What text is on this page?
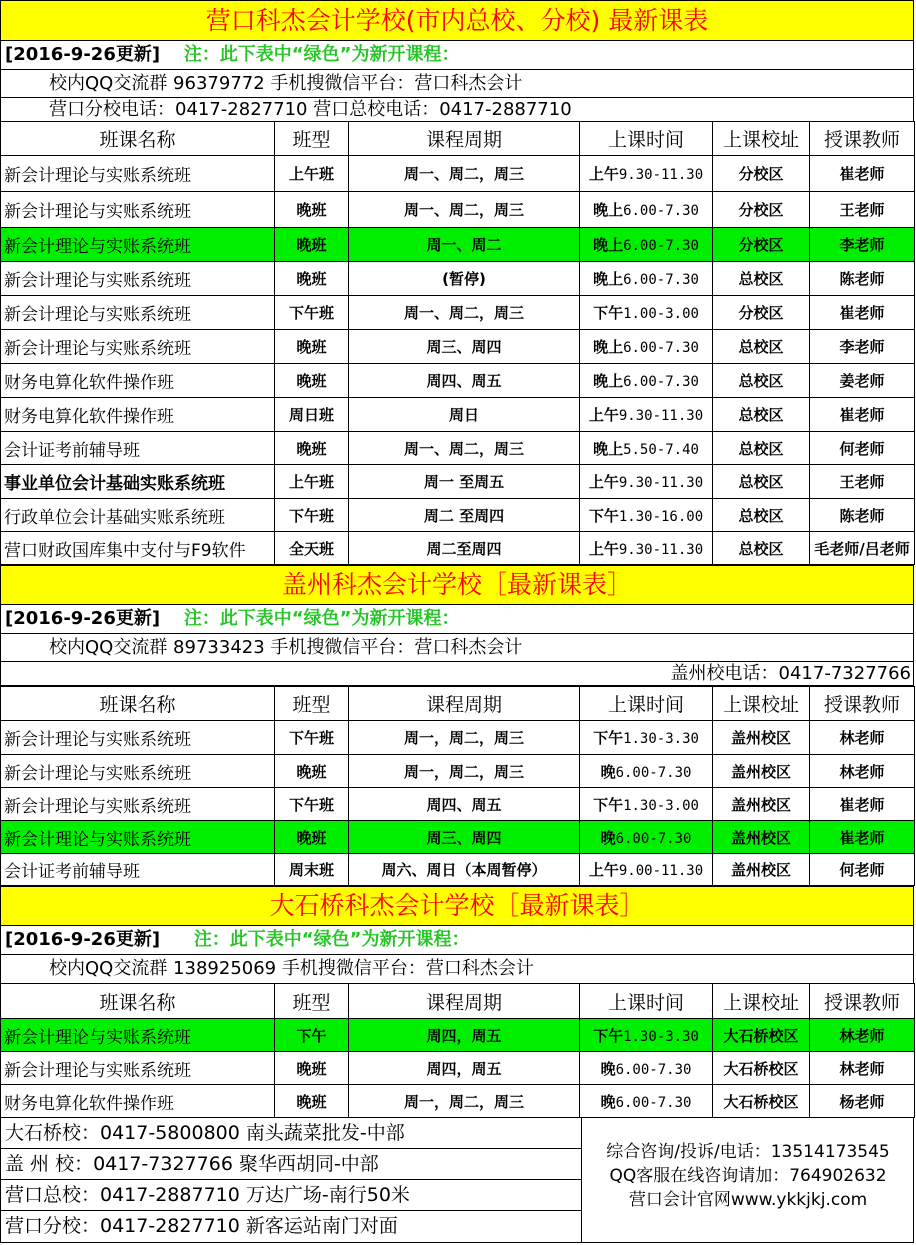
营口科杰会计学校(市内总校、分校) 最新课表
[2016-9-26更新] 注：此下表中“绿色”为新开课程：
校内QQ交流群 96379772 手机搜微信平台：营口科杰会计
营口分校电话：0417-2827710 营口总校电话：0417-2887710
班课名称	班型	课程周期	上课时间	上课校址	授课教师
新会计理论与实账系统班	上午班	周一、周二，周三	上午9.30-11.30	分校区	崔老师
新会计理论与实账系统班	晚班	周一、周二，周三	晚上6.00-7.30	分校区	王老师
新会计理论与实账系统班	晚班	周一、周二	晚上6.00-7.30	分校区	李老师
新会计理论与实账系统班	晚班	(暂停)	晚上6.00-7.30	总校区	陈老师
新会计理论与实账系统班	下午班	周一、周二，周三	下午1.00-3.00	分校区	崔老师
新会计理论与实账系统班	晚班	周三、周四	晚上6.00-7.30	总校区	李老师
财务电算化软件操作班	晚班	周四、周五	晚上6.00-7.30	总校区	姜老师
财务电算化软件操作班	周日班	周日	上午9.30-11.30	总校区	崔老师
会计证考前辅导班	晚班	周一、周二，周三	晚上5.50-7.40	总校区	何老师
事业单位会计基础实账系统班	上午班	周一 至周五	上午9.30-11.30	总校区	王老师
行政单位会计基础实账系统班	下午班	周二 至周四	下午1.30-16.00	总校区	陈老师
营口财政国库集中支付与F9软件	全天班	周二至周四	上午9.30-11.30	总校区	毛老师/吕老师
盖州科杰会计学校［最新课表］
[2016-9-26更新] 注：此下表中“绿色”为新开课程：
校内QQ交流群 89733423 手机搜微信平台：营口科杰会计
盖州校电话：0417-7327766
班课名称	班型	课程周期	上课时间	上课校址	授课教师
新会计理论与实账系统班	下午班	周一，周二，周三	下午1.30-3.30	盖州校区	林老师
新会计理论与实账系统班	晚班	周一，周二，周三	晚6.00-7.30	盖州校区	林老师
新会计理论与实账系统班	下午班	周四、周五	下午1.30-3.00	盖州校区	崔老师
新会计理论与实账系统班	晚班	周三、周四	晚6.00-7.30	盖州校区	崔老师
会计证考前辅导班	周末班	周六、周日（本周暂停）	上午9.00-11.30	盖州校区	何老师
大石桥科杰会计学校［最新课表］
[2016-9-26更新] 注：此下表中“绿色”为新开课程：
校内QQ交流群 138925069 手机搜微信平台：营口科杰会计
班课名称	班型	课程周期	上课时间	上课校址	授课教师
新会计理论与实账系统班	下午	周四，周五	下午1.30-3.30	大石桥校区	林老师
新会计理论与实账系统班	晚班	周四，周五	晚6.00-7.30	大石桥校区	林老师
财务电算化软件操作班	晚班	周一，周二，周三	晚6.00-7.30	大石桥校区	杨老师
大石桥校：0417-5800800 南头蔬菜批发-中部
盖 州 校：0417-7327766 聚华西胡同-中部
营口总校：0417-2887710 万达广场-南行50米
营口分校：0417-2827710 新客运站南门对面
综合咨询/投诉/电话：13514173545
QQ客服在线咨询请加：764902632
营口会计官网www.ykkjkj.com
